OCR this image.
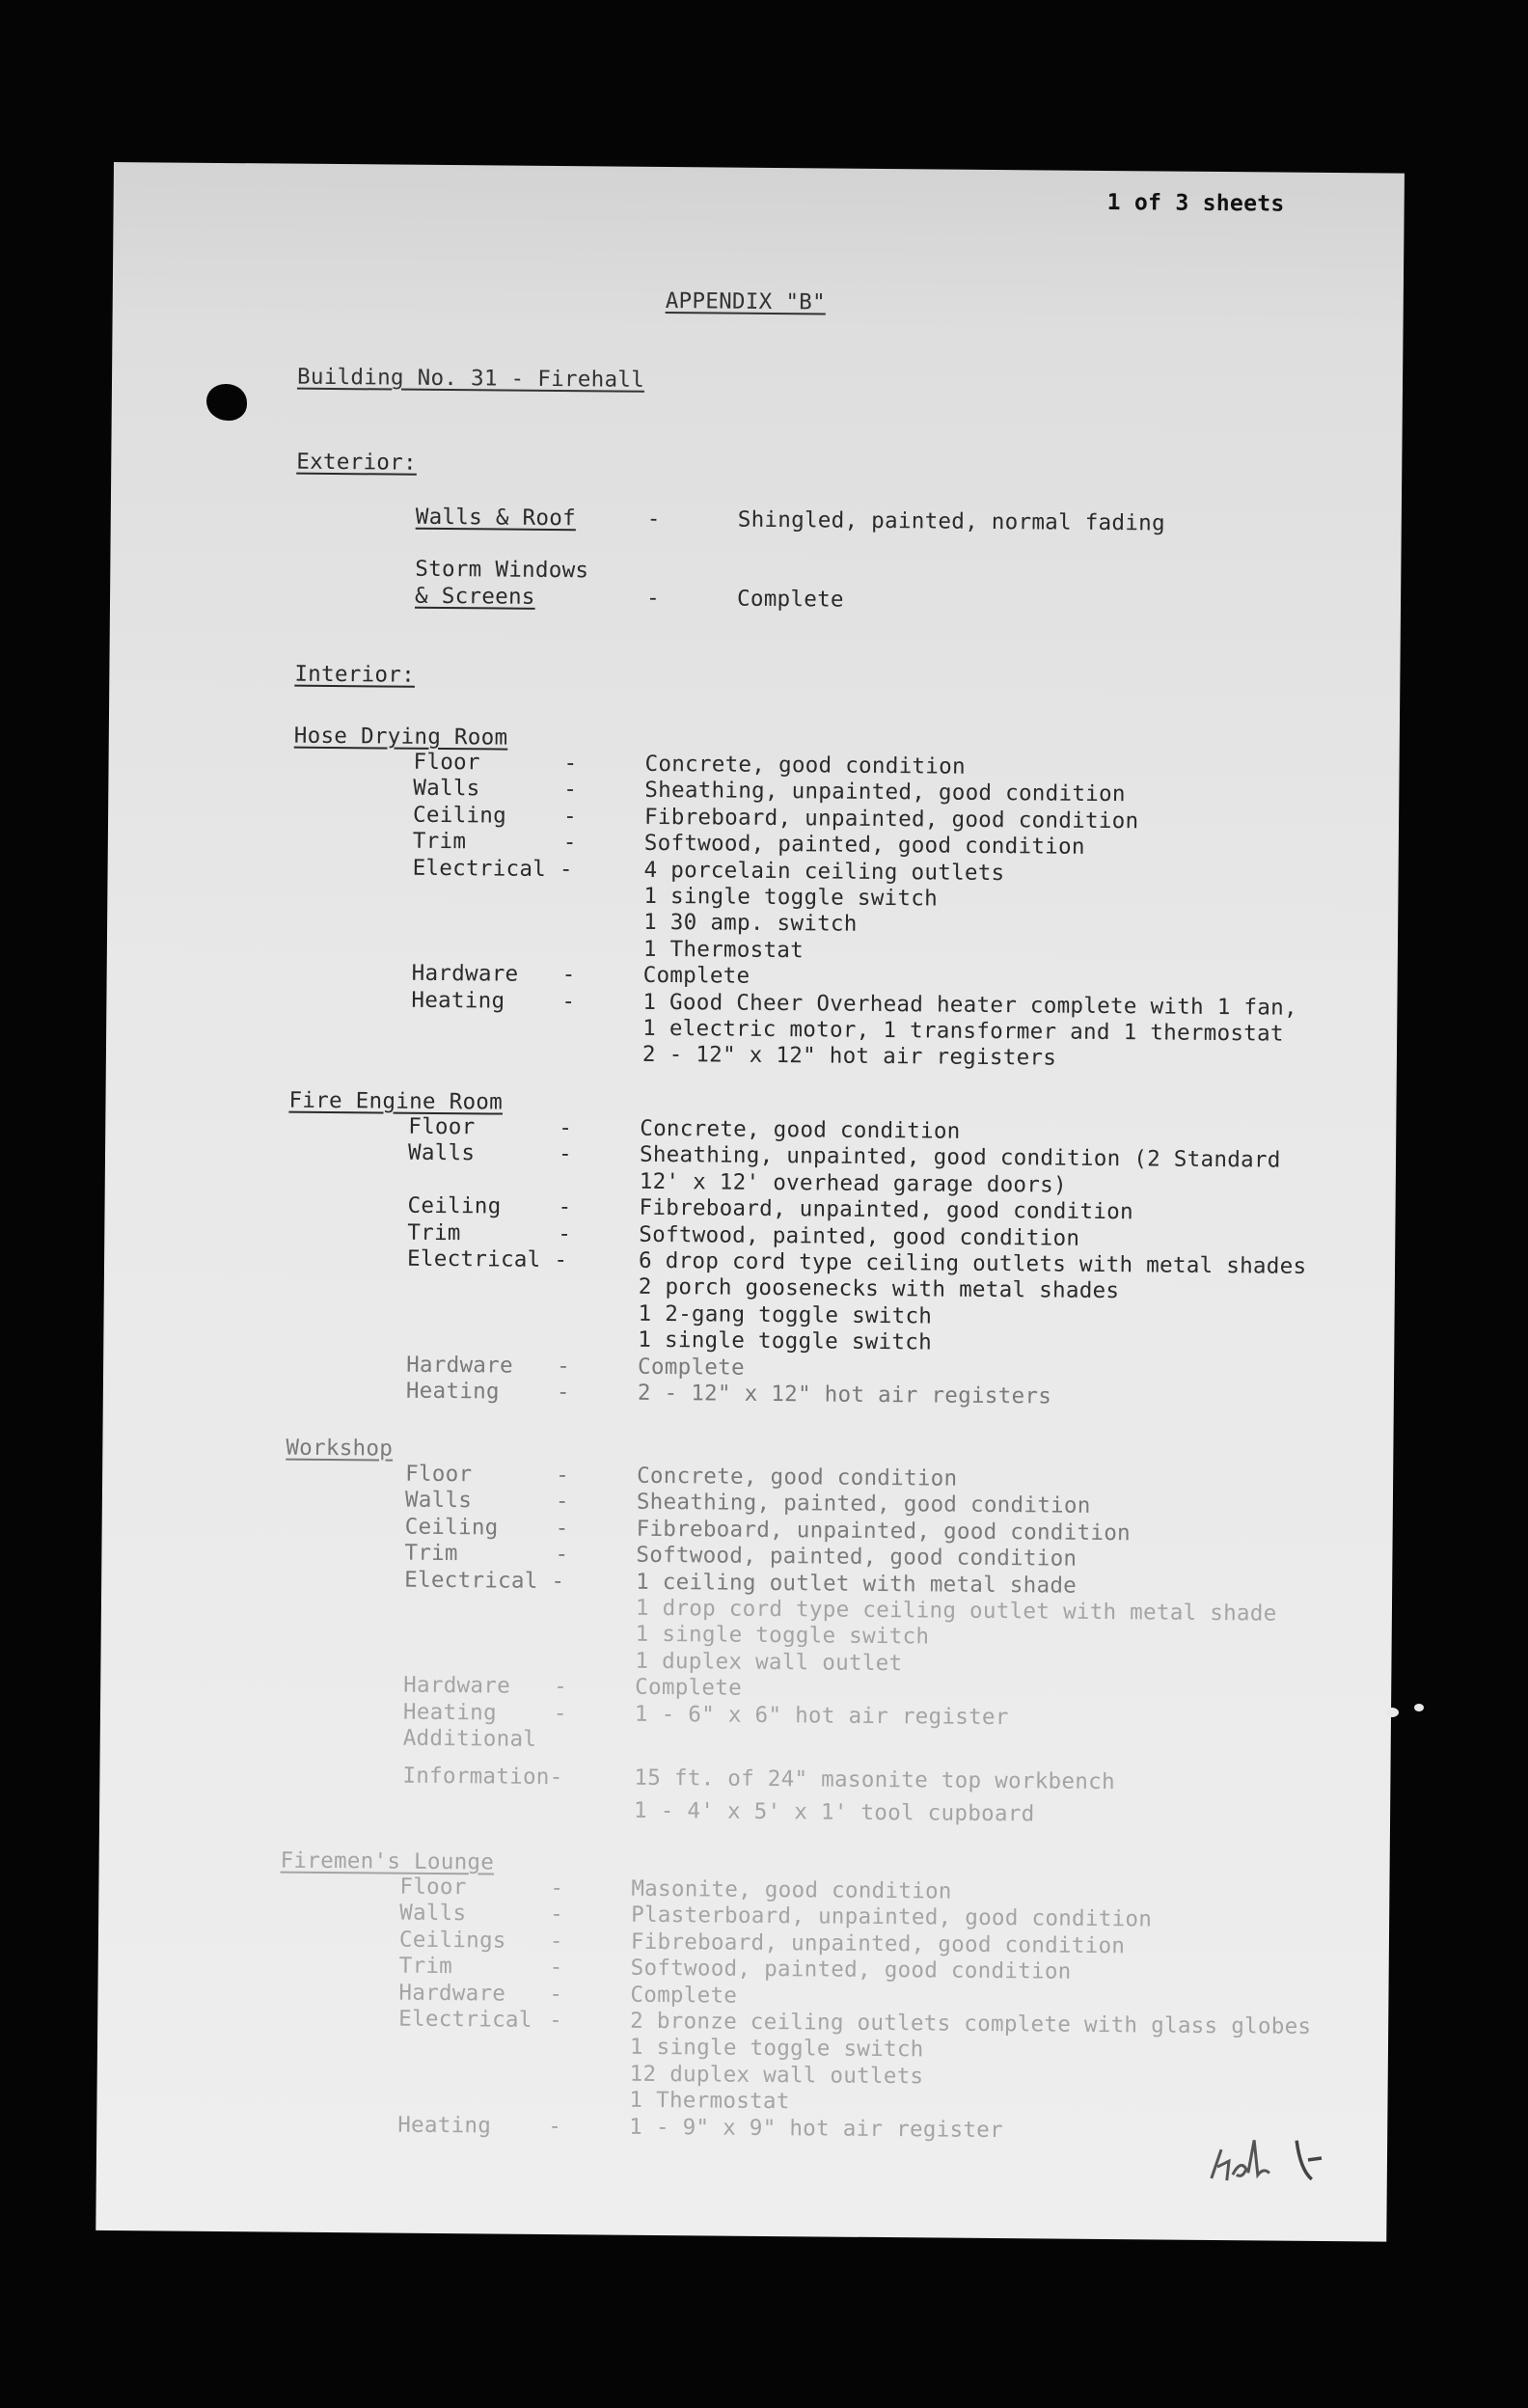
1 of 3 sheets
APPENDIX "B"
Building No. 31 - Firehall
Exterior:
Walls & Roof	-	Shingled, painted, normal fading
Storm Windows
& Screens	-	Complete
Interior:
Hose Drying Room
Floor	-	Concrete, good condition
Walls	-	Sheathing, unpainted, good condition
Ceiling	-	Fibreboard, unpainted, good condition
Trim	-	Softwood, painted, good condition
Electrical -	4 porcelain ceiling outlets
1 single toggle switch
1 30 amp. switch
1 Thermostat
Hardware -	Complete
Heating	-	1 Good Cheer Overhead heater complete with 1 fan,
1 electric motor, 1 transformer and 1 thermostat
2 - 12" x 12" hot air registers
Fire Engine Room
Floor	-	Concrete, good condition
Walls	-	Sheathing, unpainted, good condition (2 Standard
12' x 12' overhead garage doors)
Ceiling	-	Fibreboard, unpainted, good condition
Trim	-	Softwood, painted, good condition
Electrical -	6 drop cord type ceiling outlets with metal shades
2 porch goosenecks with metal shades
1 2-gang toggle switch
1 single toggle switch
Hardware -	Complete
Heating	-	2 - 12" x 12" hot air registers
Workshop
Floor	-	Concrete, good condition
Walls	-	Sheathing, painted, good condition
Ceiling	-	Fibreboard, unpainted, good condition
Trim	-	Softwood, painted, good condition
Electrical -	1 ceiling outlet with metal shade
1 drop cord type ceiling outlet with metal shade
1 single toggle switch
1 duplex wall outlet
Hardware -	Complete
Heating	-	1 - 6" x 6" hot air register
Additional
Information-	15 ft. of 24" masonite top workbench
1 - 4' x 5' x 1' tool cupboard
Firemen's Lounge
Floor	-	Masonite, good condition
Walls	-	Plasterboard, unpainted, good condition
Ceilings -	Fibreboard, unpainted, good condition
Trim	-	Softwood, painted, good condition
Hardware -	Complete
Electrical -	2 bronze ceiling outlets complete with glass globes
1 single toggle switch
12 duplex wall outlets
1 Thermostat
Heating	-	1 - 9" x 9" hot air register
